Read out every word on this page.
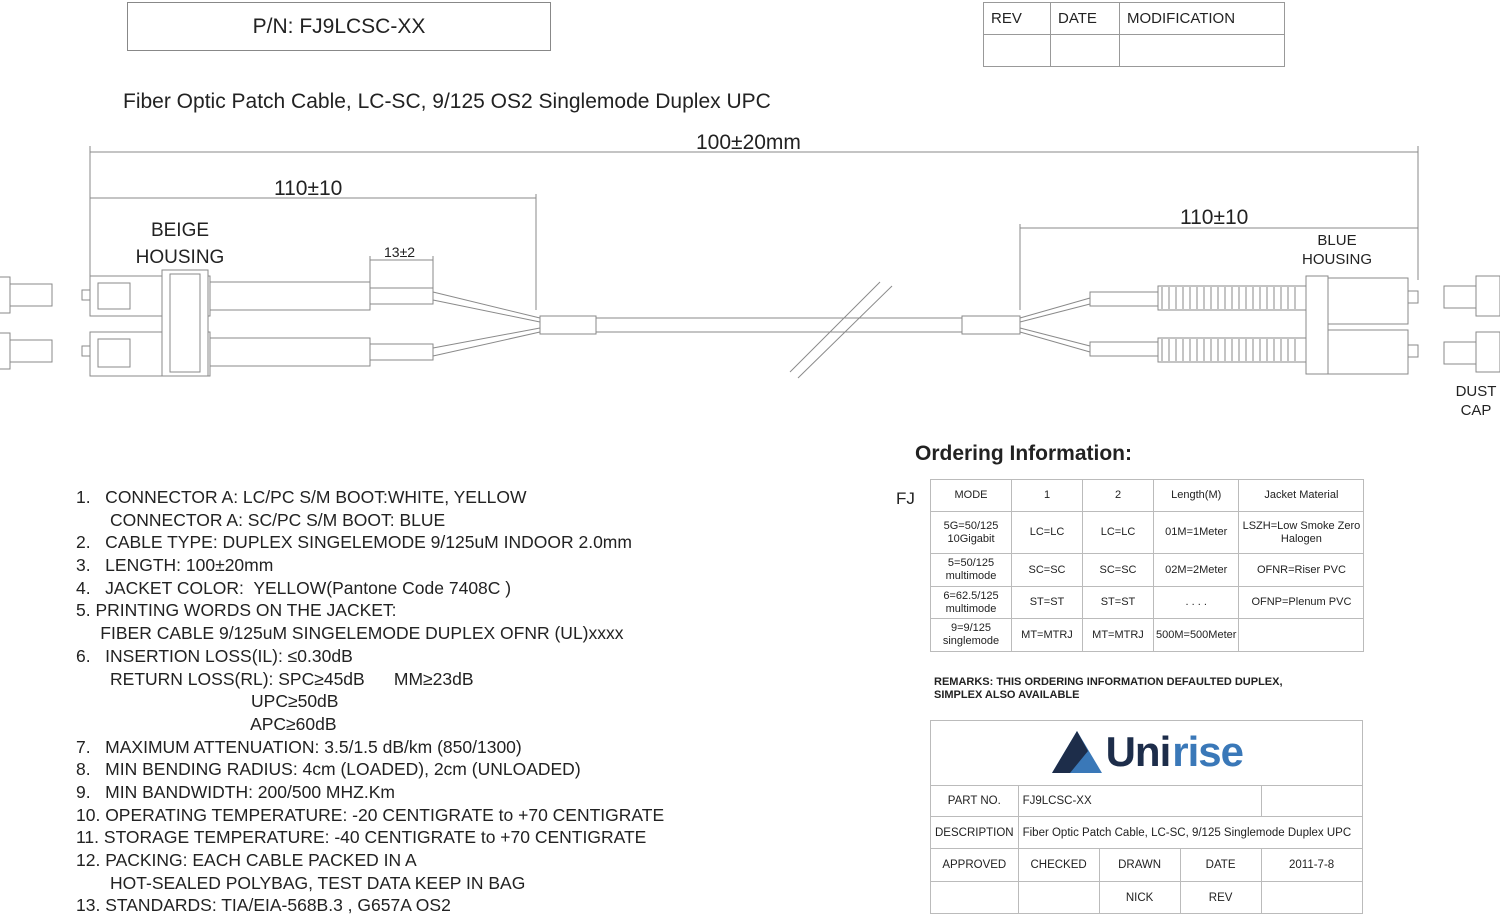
P/N: FJ9LCSC-XX	REV	DATE	MODIFICATION

Fiber Optic Patch Cable, LC-SC, 9/125 OS2 Singlemode Duplex UPC
100±20mm
110±10
13±2
110±10
BEIGE
HOUSING
BLUE
HOUSING
DUST
CAP
1.   CONNECTOR A: LC/PC S/M BOOT:WHITE, YELLOW
CONNECTOR A: SC/PC S/M BOOT: BLUE
2.   CABLE TYPE: DUPLEX SINGELEMODE 9/125uM INDOOR 2.0mm
3.   LENGTH: 100±20mm
4.   JACKET COLOR:  YELLOW(Pantone Code 7408C )
5. PRINTING WORDS ON THE JACKET:
FIBER CABLE 9/125uM SINGELEMODE DUPLEX OFNR (UL)xxxx
6.   INSERTION LOSS(IL): ≤0.30dB
RETURN LOSS(RL): SPC≥45dB      MM≥23dB
UPC≥50dB
APC≥60dB
7.   MAXIMUM ATTENUATION: 3.5/1.5 dB/km (850/1300)
8.   MIN BENDING RADIUS: 4cm (LOADED), 2cm (UNLOADED)
9.   MIN BANDWIDTH: 200/500 MHZ.Km
10. OPERATING TEMPERATURE: -20 CENTIGRATE to +70 CENTIGRATE
11. STORAGE TEMPERATURE: -40 CENTIGRATE to +70 CENTIGRATE
12. PACKING: EACH CABLE PACKED IN A
HOT-SEALED POLYBAG, TEST DATA KEEP IN BAG
13. STANDARDS: TIA/EIA-568B.3 , G657A OS2
Ordering Information:
FJ	MODE	1	2	Length(M)	Jacket Material
5G=50/125
10Gigabit	LC=LC	LC=LC	01M=1Meter	LSZH=Low Smoke Zero
Halogen
5=50/125
multimode	SC=SC	SC=SC	02M=2Meter	OFNR=Riser PVC
6=62.5/125
multimode	ST=ST	ST=ST	. . . .	OFNP=Plenum PVC
9=9/125
singlemode	MT=MTRJ	MT=MTRJ	500M=500Meter	
REMARKS: THIS ORDERING INFORMATION DEFAULTED DUPLEX,
SIMPLEX ALSO AVAILABLE
Uni rise				

PART NO.	FJ9LCSC-XX			
DESCRIPTION	Fiber Optic Patch Cable, LC-SC, 9/125 Singlemode Duplex UPC			
APPROVED	CHECKED	DRAWN	DATE	2011-7-8
		NICK	REV	
